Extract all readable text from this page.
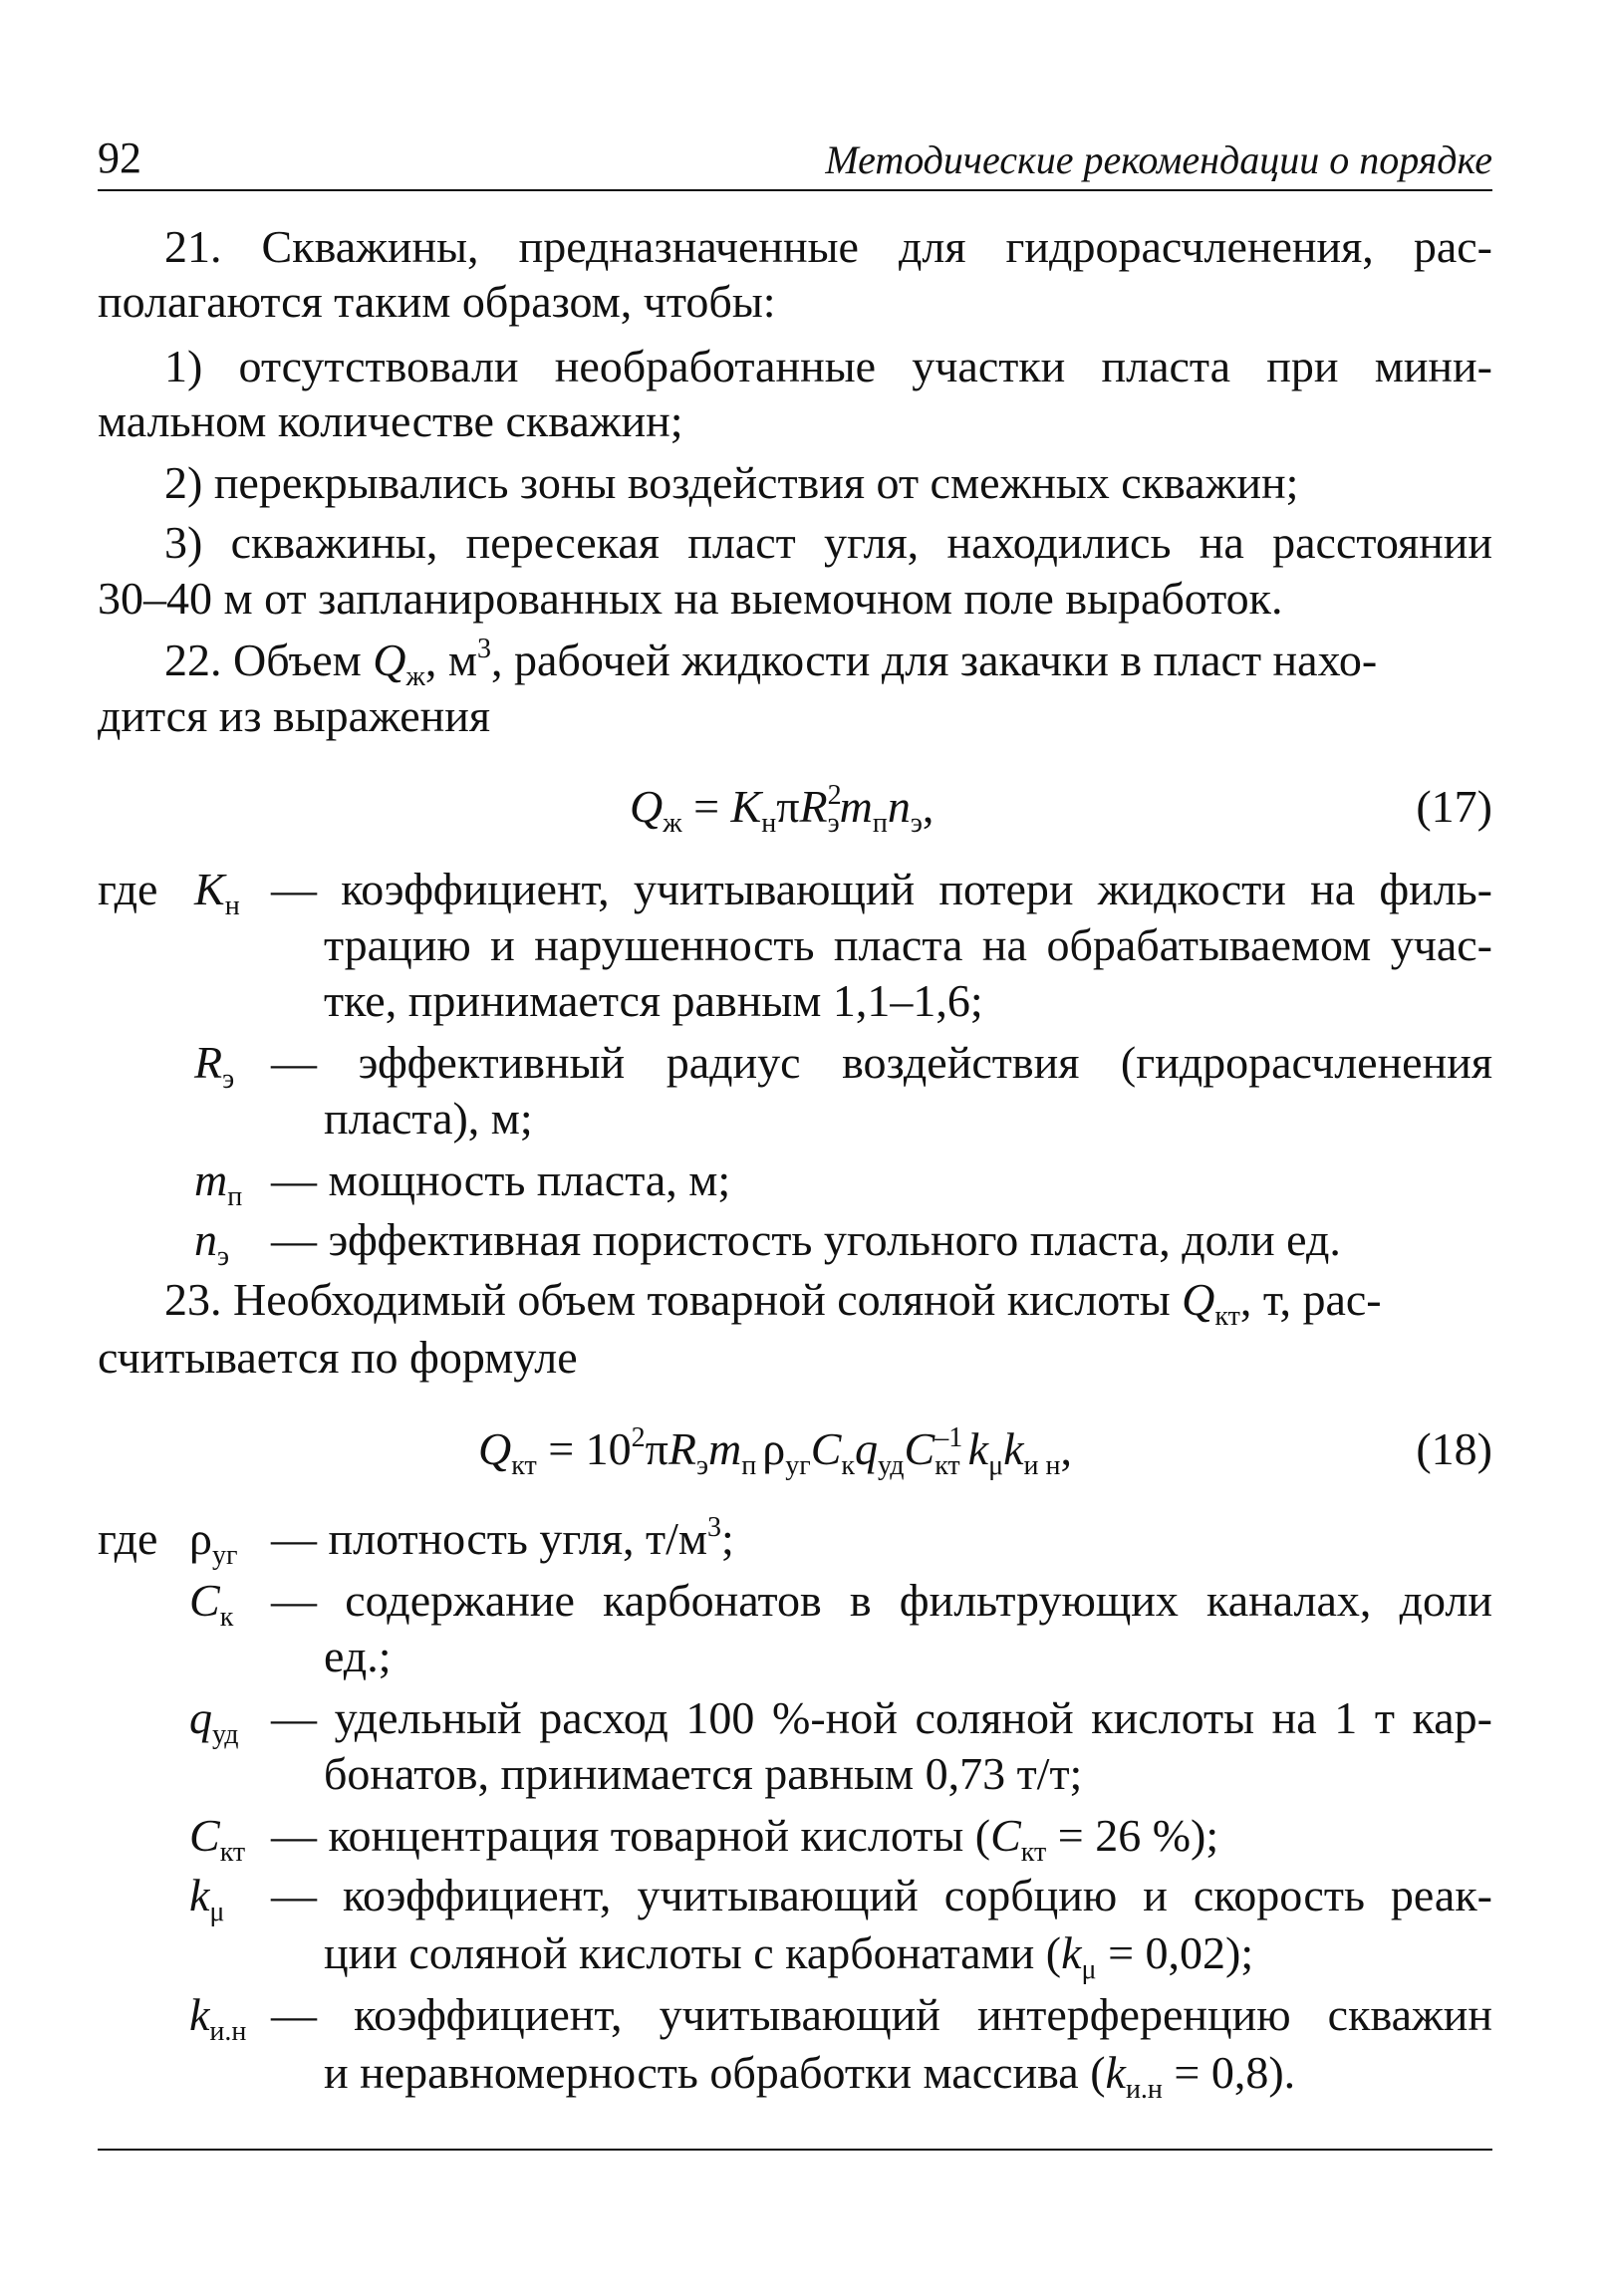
92	Методические рекомендации о порядке
21. Скважины, предназначенные для гидрорасчленения, рас-
полагаются таким образом, чтобы:
1) отсутствовали необработанные участки пласта при мини-
мальном количестве скважин;
2) перекрывались зоны воздействия от смежных скважин;
3) скважины, пересекая пласт угля, находились на расстоянии
30–40 м от запланированных на выемочном поле выработок.
22. Объем $Q_ж$, $м^3$, рабочей жидкости для закачки в пласт нахо-
дится из выражения
$Q_ж = K_н\pi R^2_эm_пn_э$,	(17)
где $K_н$ — коэффициент, учитывающий потери жидкости на филь-
трацию и нарушенность пласта на обрабатываемом учас-
тке, принимается равным 1,1–1,6;
$R_э$ — эффективный радиус воздействия (гидрорасчленения
пласта), м;
$m_п$ — мощность пласта, м;
$n_э$ — эффективная пористость угольного пласта, доли ед.
23. Необходимый объем товарной соляной кислоты $Q_{кт}$, т, рас-
считывается по формуле
$Q_{кт} = 10^2\pi R_эm_п$ $\rho_{уг}C_кq_{уд}C^{-1}_{кт}$ $k_\mu k_{и н}$,	(18)
где $\rho_{уг}$ — плотность угля, $т/м^3$;
$C_к$ — содержание карбонатов в фильтрующих каналах, доли
ед.;
$q_{уд}$ — удельный расход 100 %-ной соляной кислоты на 1 т кар-
бонатов, принимается равным 0,73 т/т;
$C_{кт}$ — концентрация товарной кислоты ($C_{кт} = 26$ %);
$k_\mu$ — коэффициент, учитывающий сорбцию и скорость реак-
ции соляной кислоты с карбонатами $(k_\mu = 0,02)$;
$k_{и.н}$ — коэффициент, учитывающий интерференцию скважин
и неравномерность обработки массива $(k_{и.н} = 0,8)$.
